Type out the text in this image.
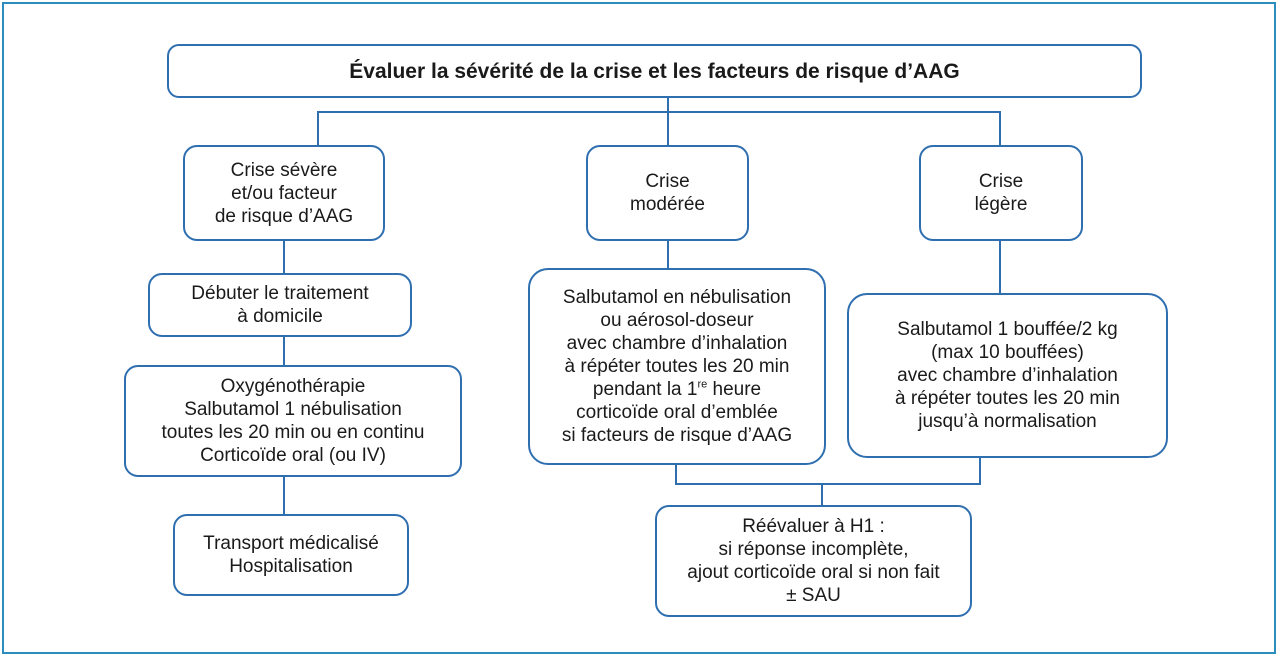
Évaluer la sévérité de la crise et les facteurs de risque d’AAG
Crise sévère
et/ou facteur
de risque d’AAG
Débuter le traitement
à domicile
Oxygénothérapie
Salbutamol 1 nébulisation
toutes les 20 min ou en continu
Corticoïde oral (ou IV)
Transport médicalisé
Hospitalisation
Crise
modérée
Salbutamol en nébulisation
ou aérosol-doseur
avec chambre d’inhalation
à répéter toutes les 20 min
pendant la 1re heure
corticoïde oral d’emblée
si facteurs de risque d’AAG
Crise
légère
Salbutamol 1 bouffée/2 kg
(max 10 bouffées)
avec chambre d’inhalation
à répéter toutes les 20 min
jusqu’à normalisation
Réévaluer à H1 :
si réponse incomplète,
ajout corticoïde oral si non fait
± SAU
